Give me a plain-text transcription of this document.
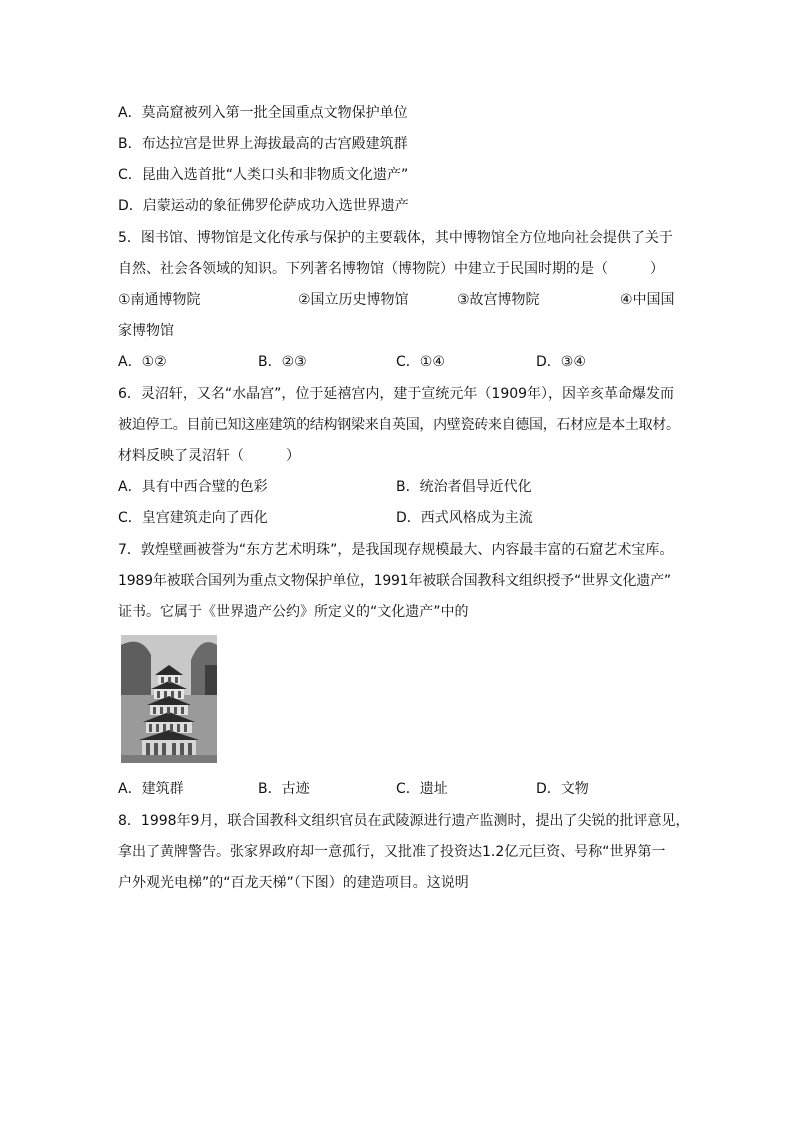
A．莫高窟被列入第一批全国重点文物保护单位
B．布达拉宫是世界上海拔最高的古宫殿建筑群
C．昆曲入选首批“人类口头和非物质文化遗产”
D．启蒙运动的象征佛罗伦萨成功入选世界遗产
5．图书馆、博物馆是文化传承与保护的主要载体，其中博物馆全方位地向社会提供了关于
自然、社会各领域的知识。下列著名博物馆（博物院）中建立于民国时期的是（　　　）
①南通博物院	②国立历史博物馆	③故宫博物院	④中国国
家博物馆
A．①②	B．②③	C．①④	D．③④
6．灵沼轩，又名“水晶宫”，位于延禧宫内，建于宣统元年（1909年），因辛亥革命爆发而
被迫停工。目前已知这座建筑的结构钢梁来自英国，内壁瓷砖来自德国，石材应是本土取材。
材料反映了灵沼轩（　　　）
A．具有中西合璧的色彩	B．统治者倡导近代化
C．皇宫建筑走向了西化	D．西式风格成为主流
7．敦煌壁画被誉为“东方艺术明珠”，是我国现存规模最大、内容最丰富的石窟艺术宝库。
1989年被联合国列为重点文物保护单位，1991年被联合国教科文组织授予“世界文化遗产”
证书。它属于《世界遗产公约》所定义的“文化遗产”中的
A．建筑群	B．古迹	C．遗址	D．文物
8．1998年9月，联合国教科文组织官员在武陵源进行遗产监测时，提出了尖锐的批评意见，
拿出了黄牌警告。张家界政府却一意孤行，又批准了投资达1.2亿元巨资、号称“世界第一
户外观光电梯”的“百龙天梯”（下图）的建造项目。这说明
